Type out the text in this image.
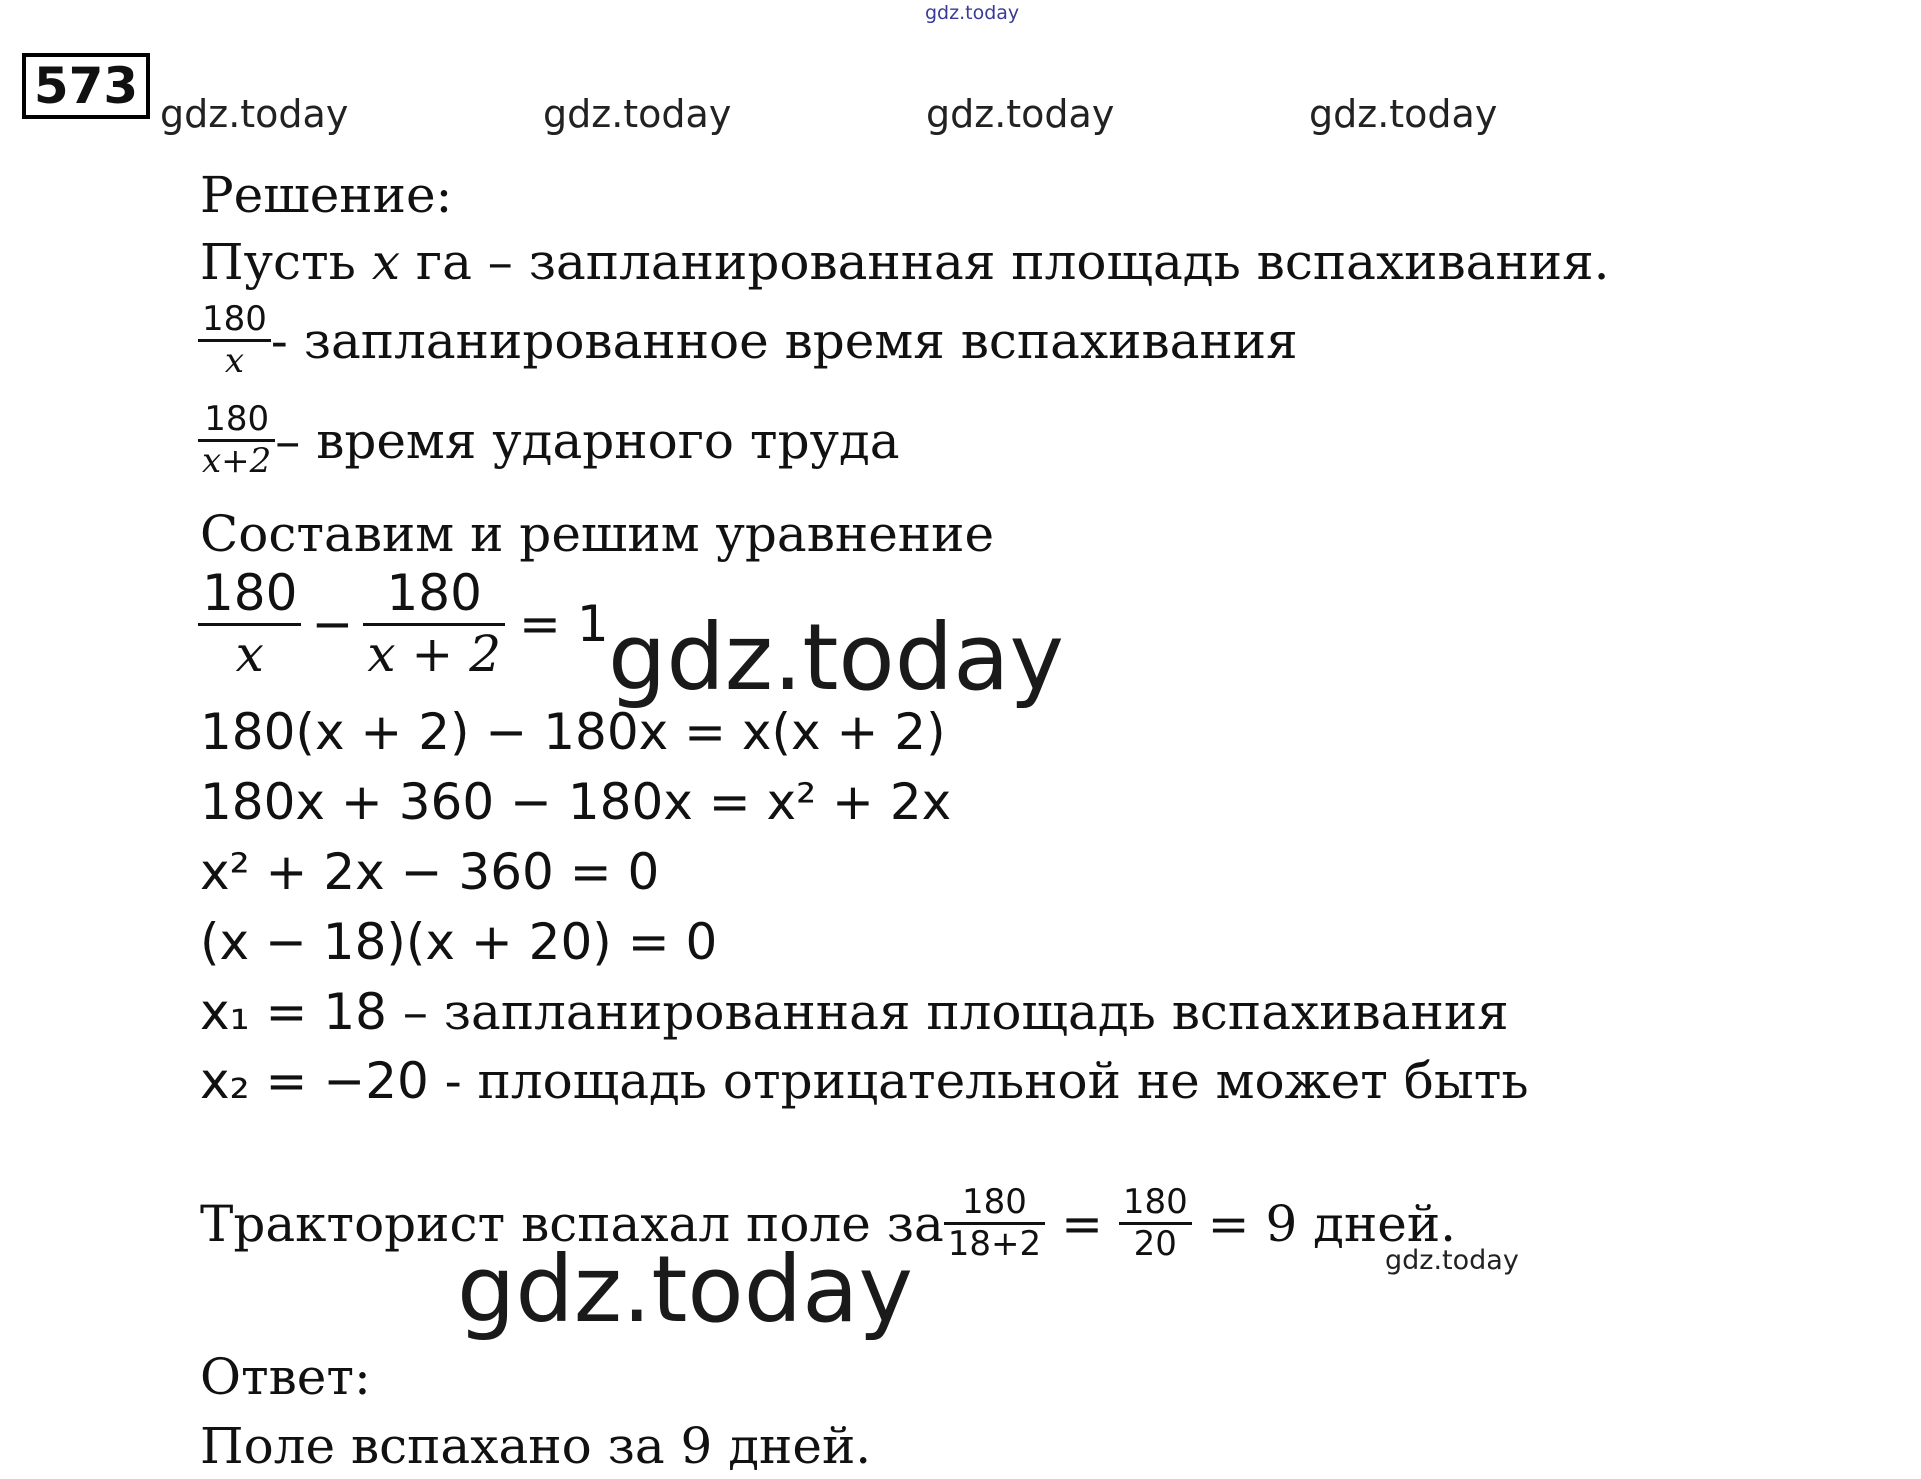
gdz.today
573 gdz.today	gdz.today	gdz.today	gdz.today
Решение:
Пусть x га – запланированная площадь вспахивания.
$\frac{180}{x}$ - запланированное время вспахивания
$\frac{180}{x+2}$ – время ударного труда
Составим и решим уравнение
$\frac{180}{x} - \frac{180}{x + 2} = 1$ gdz.today
180(x + 2) − 180x = x(x + 2)
180x + 360 − 180x = x² + 2x
x² + 2x − 360 = 0
(x − 18)(x + 20) = 0
x₁ = 18 – запланированная площадь вспахивания
x₂ = −20 - площадь отрицательной не может быть
Тракторист вспахал поле за $\frac{180}{18+2} = \frac{180}{20} = 9$ дней.
gdz.today
gdz.today
Ответ:
Поле вспахано за 9 дней.
